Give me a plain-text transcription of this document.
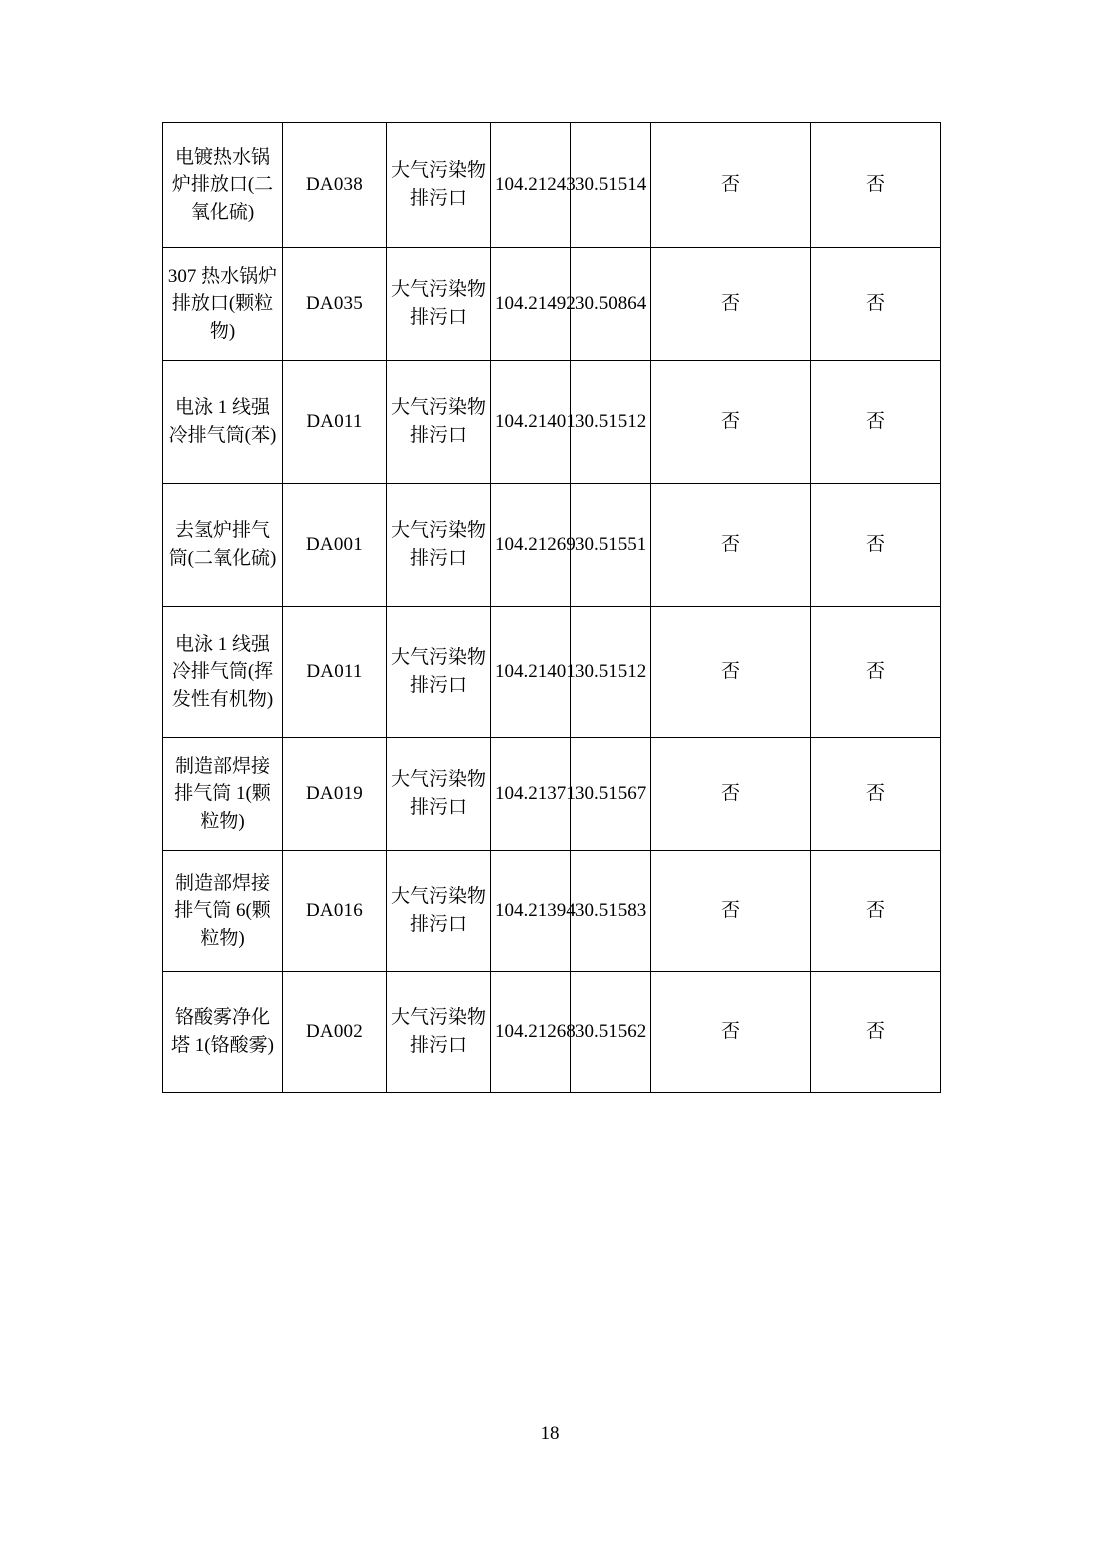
电镀热水锅炉排放口(二氧化硫)	DA038	大气污染物排污口	104.21243	30.51514	否	否
307 热水锅炉排放口(颗粒物)	DA035	大气污染物排污口	104.21492	30.50864	否	否
电泳 1 线强冷排气筒(苯)	DA011	大气污染物排污口	104.21401	30.51512	否	否
去氢炉排气筒(二氧化硫)	DA001	大气污染物排污口	104.21269	30.51551	否	否
电泳 1 线强冷排气筒(挥发性有机物)	DA011	大气污染物排污口	104.21401	30.51512	否	否
制造部焊接排气筒 1(颗粒物)	DA019	大气污染物排污口	104.21371	30.51567	否	否
制造部焊接排气筒 6(颗粒物)	DA016	大气污染物排污口	104.21394	30.51583	否	否
铬酸雾净化塔 1(铬酸雾)	DA002	大气污染物排污口	104.21268	30.51562	否	否
18
